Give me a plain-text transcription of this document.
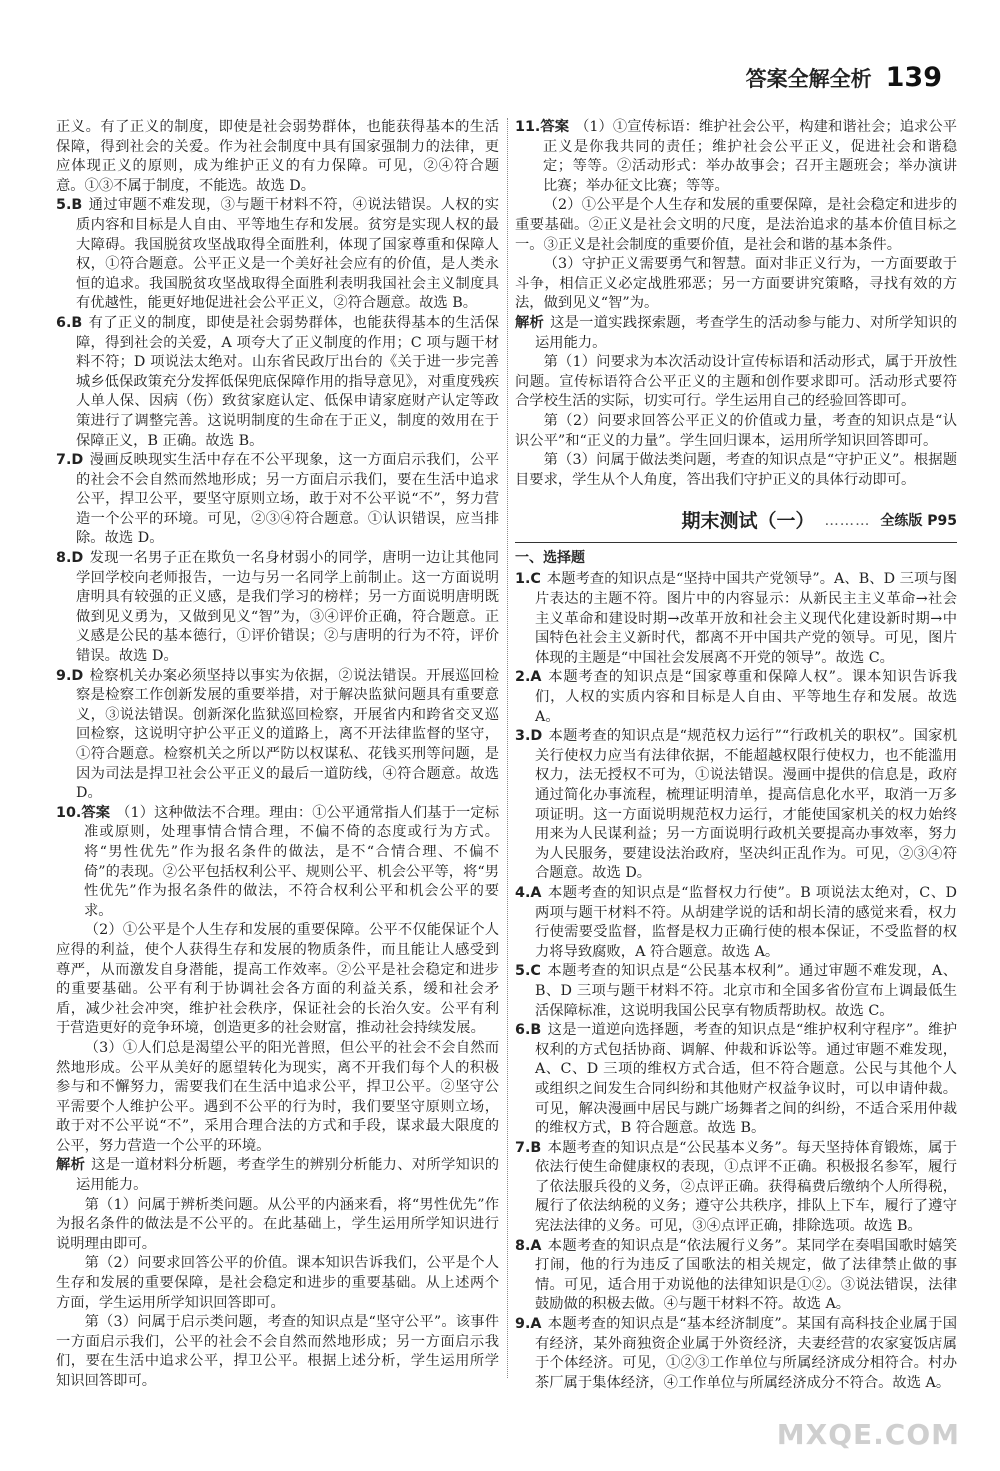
答案全解全析 139

正义。有了正义的制度，即使是社会弱势群体，也能获得基本的生活保障，得到社会的关爱。作为社会制度中具有国家强制力的法律，更应体现正义的原则，成为维护正义的有力保障。可见，②④符合题意。①③不属于制度，不能选。故选 D。

5.B 通过审题不难发现，③与题干材料不符，④说法错误。人权的实质内容和目标是人自由、平等地生存和发展。贫穷是实现人权的最大障碍。我国脱贫攻坚战取得全面胜利，体现了国家尊重和保障人权，①符合题意。公平正义是一个美好社会应有的价值，是人类永恒的追求。我国脱贫攻坚战取得全面胜利表明我国社会主义制度具有优越性，能更好地促进社会公平正义，②符合题意。故选 B。

6.B 有了正义的制度，即使是社会弱势群体，也能获得基本的生活保障，得到社会的关爱，A 项夸大了正义制度的作用；C 项与题干材料不符；D 项说法太绝对。山东省民政厅出台的《关于进一步完善城乡低保政策充分发挥低保兜底保障作用的指导意见》，对重度残疾人单人保、因病（伤）致贫家庭认定、低保申请家庭财产认定等政策进行了调整完善。这说明制度的生命在于正义，制度的效用在于保障正义，B 正确。故选 B。

7.D 漫画反映现实生活中存在不公平现象，这一方面启示我们，公平的社会不会自然而然地形成；另一方面启示我们，要在生活中追求公平，捍卫公平，要坚守原则立场，敢于对不公平说“不”，努力营造一个公平的环境。可见，②③④符合题意。①认识错误，应当排除。故选 D。

8.D 发现一名男子正在欺负一名身材弱小的同学，唐明一边让其他同学回学校向老师报告，一边与另一名同学上前制止。这一方面说明唐明具有较强的正义感，是我们学习的榜样；另一方面说明唐明既做到见义勇为，又做到见义“智”为，③④评价正确，符合题意。正义感是公民的基本德行，①评价错误；②与唐明的行为不符，评价错误。故选 D。

9.D 检察机关办案必须坚持以事实为依据，②说法错误。开展巡回检察是检察工作创新发展的重要举措，对于解决监狱问题具有重要意义，③说法错误。创新深化监狱巡回检察，开展省内和跨省交叉巡回检察，这说明守护公平正义的道路上，离不开法律监督的坚守，①符合题意。检察机关之所以严防以权谋私、花钱买刑等问题，是因为司法是捍卫社会公平正义的最后一道防线，④符合题意。故选 D。

10.答案 （1）这种做法不合理。理由：①公平通常指人们基于一定标准或原则，处理事情合情合理，不偏不倚的态度或行为方式。将“男性优先”作为报名条件的做法，是不“合情合理、不偏不倚”的表现。②公平包括权利公平、规则公平、机会公平等，将“男性优先”作为报名条件的做法，不符合权利公平和机会公平的要求。

（2）①公平是个人生存和发展的重要保障。公平不仅能保证个人应得的利益，使个人获得生存和发展的物质条件，而且能让人感受到尊严，从而激发自身潜能，提高工作效率。②公平是社会稳定和进步的重要基础。公平有利于协调社会各方面的利益关系，缓和社会矛盾，减少社会冲突，维护社会秩序，保证社会的长治久安。公平有利于营造更好的竞争环境，创造更多的社会财富，推动社会持续发展。

（3）①人们总是渴望公平的阳光普照，但公平的社会不会自然而然地形成。公平从美好的愿望转化为现实，离不开我们每个人的积极参与和不懈努力，需要我们在生活中追求公平，捍卫公平。②坚守公平需要个人维护公平。遇到不公平的行为时，我们要坚守原则立场，敢于对不公平说“不”，采用合理合法的方式和手段，谋求最大限度的公平，努力营造一个公平的环境。

解析 这是一道材料分析题，考查学生的辨别分析能力、对所学知识的运用能力。

第（1）问属于辨析类问题。从公平的内涵来看，将“男性优先”作为报名条件的做法是不公平的。在此基础上，学生运用所学知识进行说明理由即可。

第（2）问要求回答公平的价值。课本知识告诉我们，公平是个人生存和发展的重要保障，是社会稳定和进步的重要基础。从上述两个方面，学生运用所学知识回答即可。

第（3）问属于启示类问题，考查的知识点是“坚守公平”。该事件一方面启示我们，公平的社会不会自然而然地形成；另一方面启示我们，要在生活中追求公平，捍卫公平。根据上述分析，学生运用所学知识回答即可。

11.答案 （1）①宣传标语：维护社会公平，构建和谐社会；追求公平正义是你我共同的责任；维护社会公平正义，促进社会和谐稳定；等等。②活动形式：举办故事会；召开主题班会；举办演讲比赛；举办征文比赛；等等。

（2）①公平是个人生存和发展的重要保障，是社会稳定和进步的重要基础。②正义是社会文明的尺度，是法治追求的基本价值目标之一。③正义是社会制度的重要价值，是社会和谐的基本条件。

（3）守护正义需要勇气和智慧。面对非正义行为，一方面要敢于斗争，相信正义必定战胜邪恶；另一方面要讲究策略，寻找有效的方法，做到见义“智”为。

解析 这是一道实践探索题，考查学生的活动参与能力、对所学知识的运用能力。

第（1）问要求为本次活动设计宣传标语和活动形式，属于开放性问题。宣传标语符合公平正义的主题和创作要求即可。活动形式要符合学校生活的实际，切实可行。学生运用自己的经验回答即可。

第（2）问要求回答公平正义的价值或力量，考查的知识点是“认识公平”和“正义的力量”。学生回归课本，运用所学知识回答即可。

第（3）问属于做法类问题，考查的知识点是“守护正义”。根据题目要求，学生从个人角度，答出我们守护正义的具体行动即可。

期末测试（一） ……… 全练版 P95
一、选择题

1.C 本题考查的知识点是“坚持中国共产党领导”。A、B、D 三项与图片表达的主题不符。图片中的内容显示：从新民主主义革命→社会主义革命和建设时期→改革开放和社会主义现代化建设新时期→中国特色社会主义新时代，都离不开中国共产党的领导。可见，图片体现的主题是“中国社会发展离不开党的领导”。故选 C。

2.A 本题考查的知识点是“国家尊重和保障人权”。课本知识告诉我们，人权的实质内容和目标是人自由、平等地生存和发展。故选 A。

3.D 本题考查的知识点是“规范权力运行”“行政机关的职权”。国家机关行使权力应当有法律依据，不能超越权限行使权力，也不能滥用权力，法无授权不可为，①说法错误。漫画中提供的信息是，政府通过简化办事流程，梳理证明清单，提高信息化水平，取消一万多项证明。这一方面说明规范权力运行，才能使国家机关的权力始终用来为人民谋利益；另一方面说明行政机关要提高办事效率，努力为人民服务，要建设法治政府，坚决纠正乱作为。可见，②③④符合题意。故选 D。

4.A 本题考查的知识点是“监督权力行使”。B 项说法太绝对，C、D 两项与题干材料不符。从胡建学说的话和胡长清的感觉来看，权力行使需要受监督，监督是权力正确行使的根本保证，不受监督的权力将导致腐败，A 符合题意。故选 A。

5.C 本题考查的知识点是“公民基本权利”。通过审题不难发现，A、B、D 三项与题干材料不符。北京市和全国多省份宣布上调最低生活保障标准，这说明我国公民享有物质帮助权。故选 C。

6.B 这是一道逆向选择题，考查的知识点是“维护权利守程序”。维护权利的方式包括协商、调解、仲裁和诉讼等。通过审题不难发现，A、C、D 三项的维权方式合适，但不符合题意。公民与其他个人或组织之间发生合同纠纷和其他财产权益争议时，可以申请仲裁。可见，解决漫画中居民与跳广场舞者之间的纠纷，不适合采用仲裁的维权方式，B 符合题意。故选 B。

7.B 本题考查的知识点是“公民基本义务”。每天坚持体育锻炼，属于依法行使生命健康权的表现，①点评不正确。积极报名参军，履行了依法服兵役的义务，②点评正确。获得稿费后缴纳个人所得税，履行了依法纳税的义务；遵守公共秩序，排队上下车，履行了遵守宪法法律的义务。可见，③④点评正确，排除选项。故选 B。

8.A 本题考查的知识点是“依法履行义务”。某同学在奏唱国歌时嬉笑打闹，他的行为违反了国歌法的相关规定，做了法律禁止做的事情。可见，适合用于劝说他的法律知识是①②。③说法错误，法律鼓励做的积极去做。④与题干材料不符。故选 A。

9.A 本题考查的知识点是“基本经济制度”。某国有高科技企业属于国有经济，某外商独资企业属于外资经济，夫妻经营的农家宴饭店属于个体经济。可见，①②③工作单位与所属经济成分相符合。村办茶厂属于集体经济，④工作单位与所属经济成分不符合。故选 A。

MXQE.COM
